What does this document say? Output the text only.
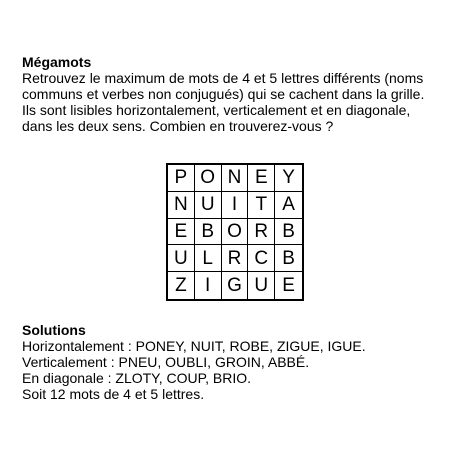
Mégamots
Retrouvez le maximum de mots de 4 et 5 lettres différents (noms
communs et verbes non conjugués) qui se cachent dans la grille.
Ils sont lisibles horizontalement, verticalement et en diagonale,
dans les deux sens. Combien en trouverez-vous ?
P O N E Y
N U I T A
E B O R B
U L R C B
Z I G U E
Solutions
Horizontalement : PONEY, NUIT, ROBE, ZIGUE, IGUE.
Verticalement : PNEU, OUBLI, GROIN, ABBÉ.
En diagonale : ZLOTY, COUP, BRIO.
Soit 12 mots de 4 et 5 lettres.
